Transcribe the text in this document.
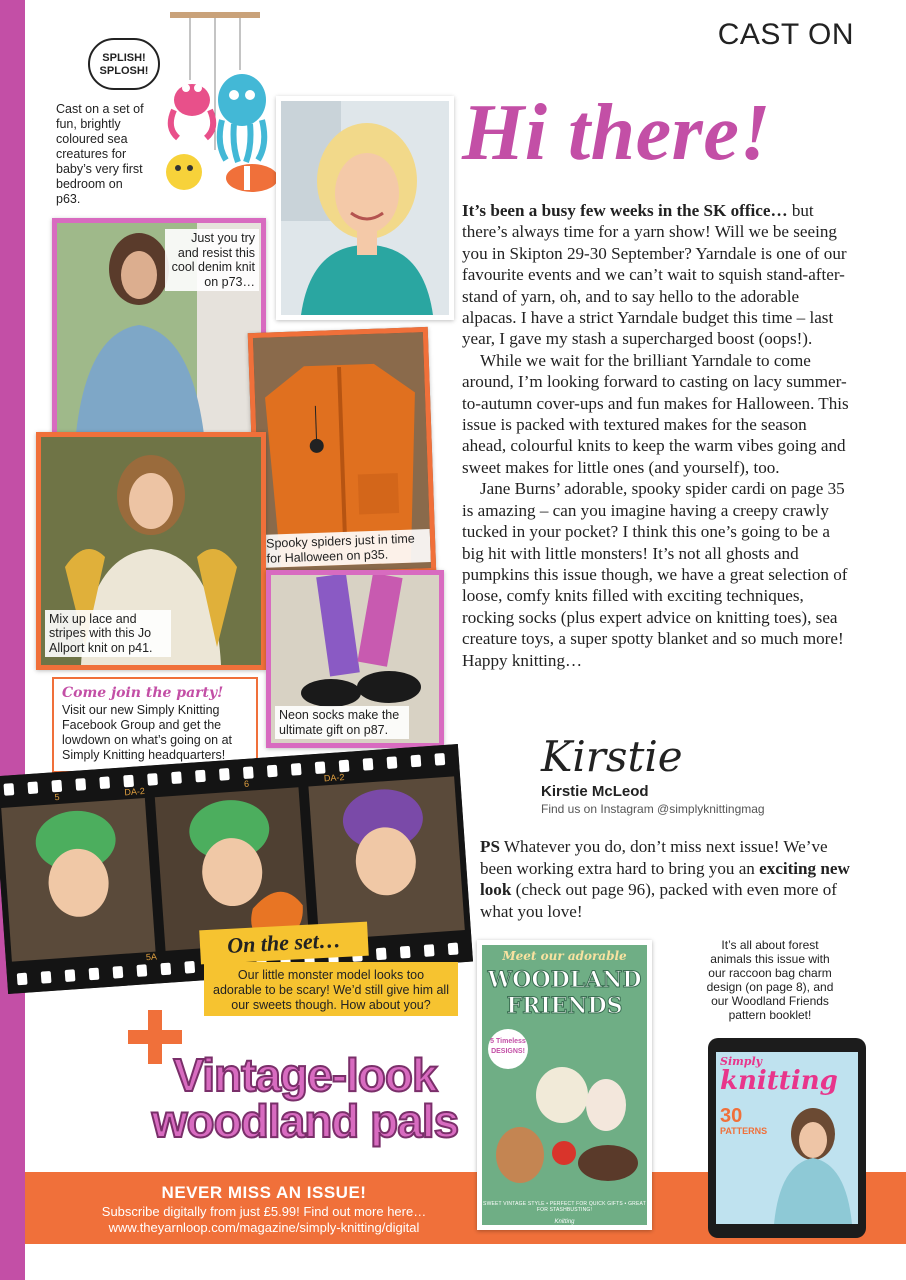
CAST ON
SPLISH! SPLOSH!
Cast on a set of fun, brightly coloured sea creatures for baby’s very first bedroom on p63.
Just you try and resist this cool denim knit on p73…
Spooky spiders just in time for Halloween on p35.
Mix up lace and stripes with this Jo Allport knit on p41.
Neon socks make the ultimate gift on p87.
Come join the party!
Visit our new Simply Knitting Facebook Group and get the lowdown on what’s going on at Simply Knitting headquarters!
Hi there!

It’s been a busy few weeks in the SK office… but there’s always time for a yarn show! Will we be seeing you in Skipton 29-30 September? Yarndale is one of our favourite events and we can’t wait to squish stand-after-stand of yarn, oh, and to say hello to the adorable alpacas. I have a strict Yarndale budget this time – last year, I gave my stash a supercharged boost (oops!).

While we wait for the brilliant Yarndale to come around, I’m looking forward to casting on lacy summer-to-autumn cover-ups and fun makes for Halloween. This issue is packed with textured makes for the season ahead, colourful knits to keep the warm vibes going and sweet makes for little ones (and yourself), too.

Jane Burns’ adorable, spooky spider cardi on page 35 is amazing – can you imagine having a creepy crawly tucked in your pocket? I think this one’s going to be a big hit with little monsters! It’s not all ghosts and pumpkins this issue though, we have a great selection of loose, comfy knits filled with exciting techniques, rocking socks (plus expert advice on knitting toes), sea creature toys, a super spotty blanket and so much more! Happy knitting…

Kirstie
Kirstie McLeod
Find us on Instagram @simplyknittingmag
PS Whatever you do, don’t miss next issue! We’ve been working extra hard to bring you an exciting new look (check out page 96), packed with even more of what you love!
5	DA-2
6
DA-2
5A	On the set…
Our little monster model looks too adorable to be scary! We’d still give him all our sweets though. How about you?
Vintage-look
woodland pals
NEVER MISS AN ISSUE!
Subscribe digitally from just £5.99! Find out more here…
www.theyarnloop.com/magazine/simply-knitting/digital
Meet our adorable
WOODLAND
FRIENDS
5 Timeless DESIGNS!
SWEET VINTAGE STYLE • PERFECT FOR QUICK GIFTS • GREAT FOR STASHBUSTING!
Knitting
It’s all about forest animals this issue with our raccoon bag charm design (on page 8), and our Woodland Friends pattern booklet!
Simply
knitting
30
PATTERNS
